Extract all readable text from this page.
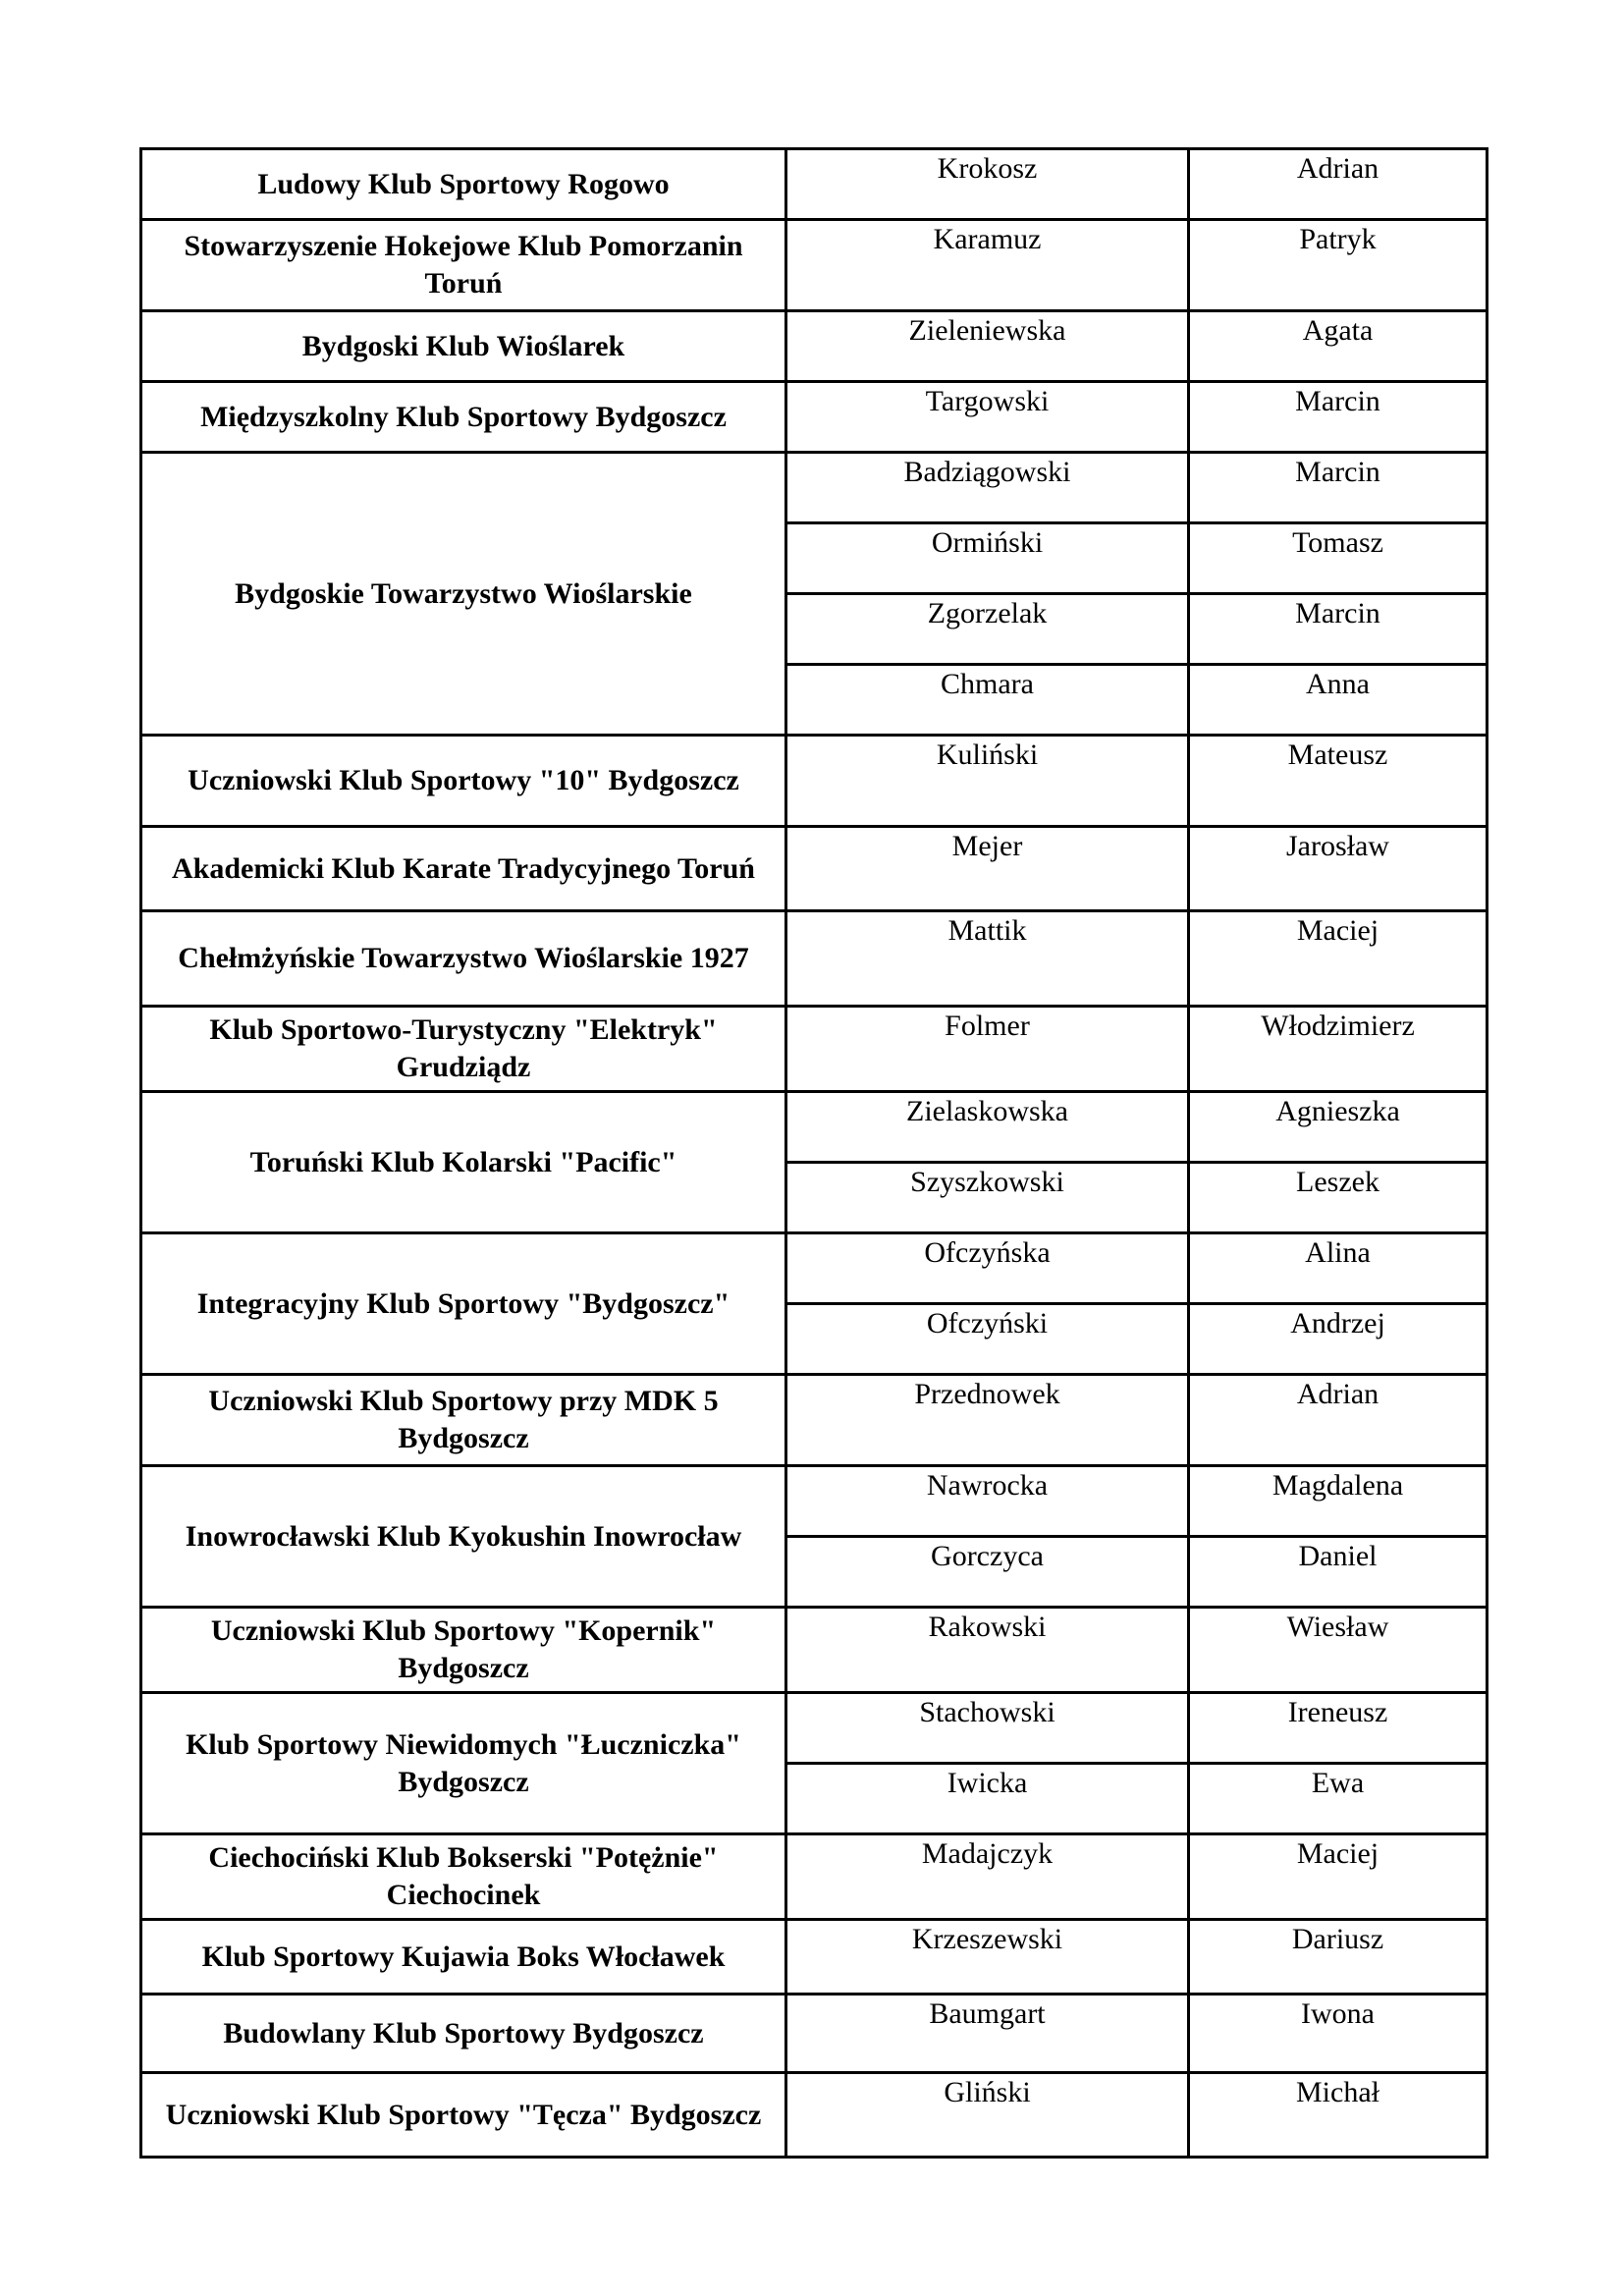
Ludowy Klub Sportowy Rogowo	Krokosz	Adrian
Stowarzyszenie Hokejowe Klub Pomorzanin Toruń	Karamuz	Patryk
Bydgoski Klub Wioślarek	Zieleniewska	Agata
Międzyszkolny Klub Sportowy Bydgoszcz	Targowski	Marcin
Bydgoskie Towarzystwo Wioślarskie	Badziągowski	Marcin
	Ormiński	Tomasz
	Zgorzelak	Marcin
	Chmara	Anna
Uczniowski Klub Sportowy "10" Bydgoszcz	Kuliński	Mateusz
Akademicki Klub Karate Tradycyjnego Toruń	Mejer	Jarosław
Chełmżyńskie Towarzystwo Wioślarskie 1927	Mattik	Maciej
Klub Sportowo-Turystyczny "Elektryk" Grudziądz	Folmer	Włodzimierz
Toruński Klub Kolarski "Pacific"	Zielaskowska	Agnieszka
	Szyszkowski	Leszek
Integracyjny Klub Sportowy "Bydgoszcz"	Ofczyńska	Alina
	Ofczyński	Andrzej
Uczniowski Klub Sportowy przy MDK 5 Bydgoszcz	Przednowek	Adrian
Inowrocławski Klub Kyokushin Inowrocław	Nawrocka	Magdalena
	Gorczyca	Daniel
Uczniowski Klub Sportowy "Kopernik" Bydgoszcz	Rakowski	Wiesław
Klub Sportowy Niewidomych "Łuczniczka" Bydgoszcz	Stachowski	Ireneusz
	Iwicka	Ewa
Ciechociński Klub Bokserski "Potężnie" Ciechocinek	Madajczyk	Maciej
Klub Sportowy Kujawia Boks Włocławek	Krzeszewski	Dariusz
Budowlany Klub Sportowy Bydgoszcz	Baumgart	Iwona
Uczniowski Klub Sportowy "Tęcza" Bydgoszcz	Gliński	Michał
